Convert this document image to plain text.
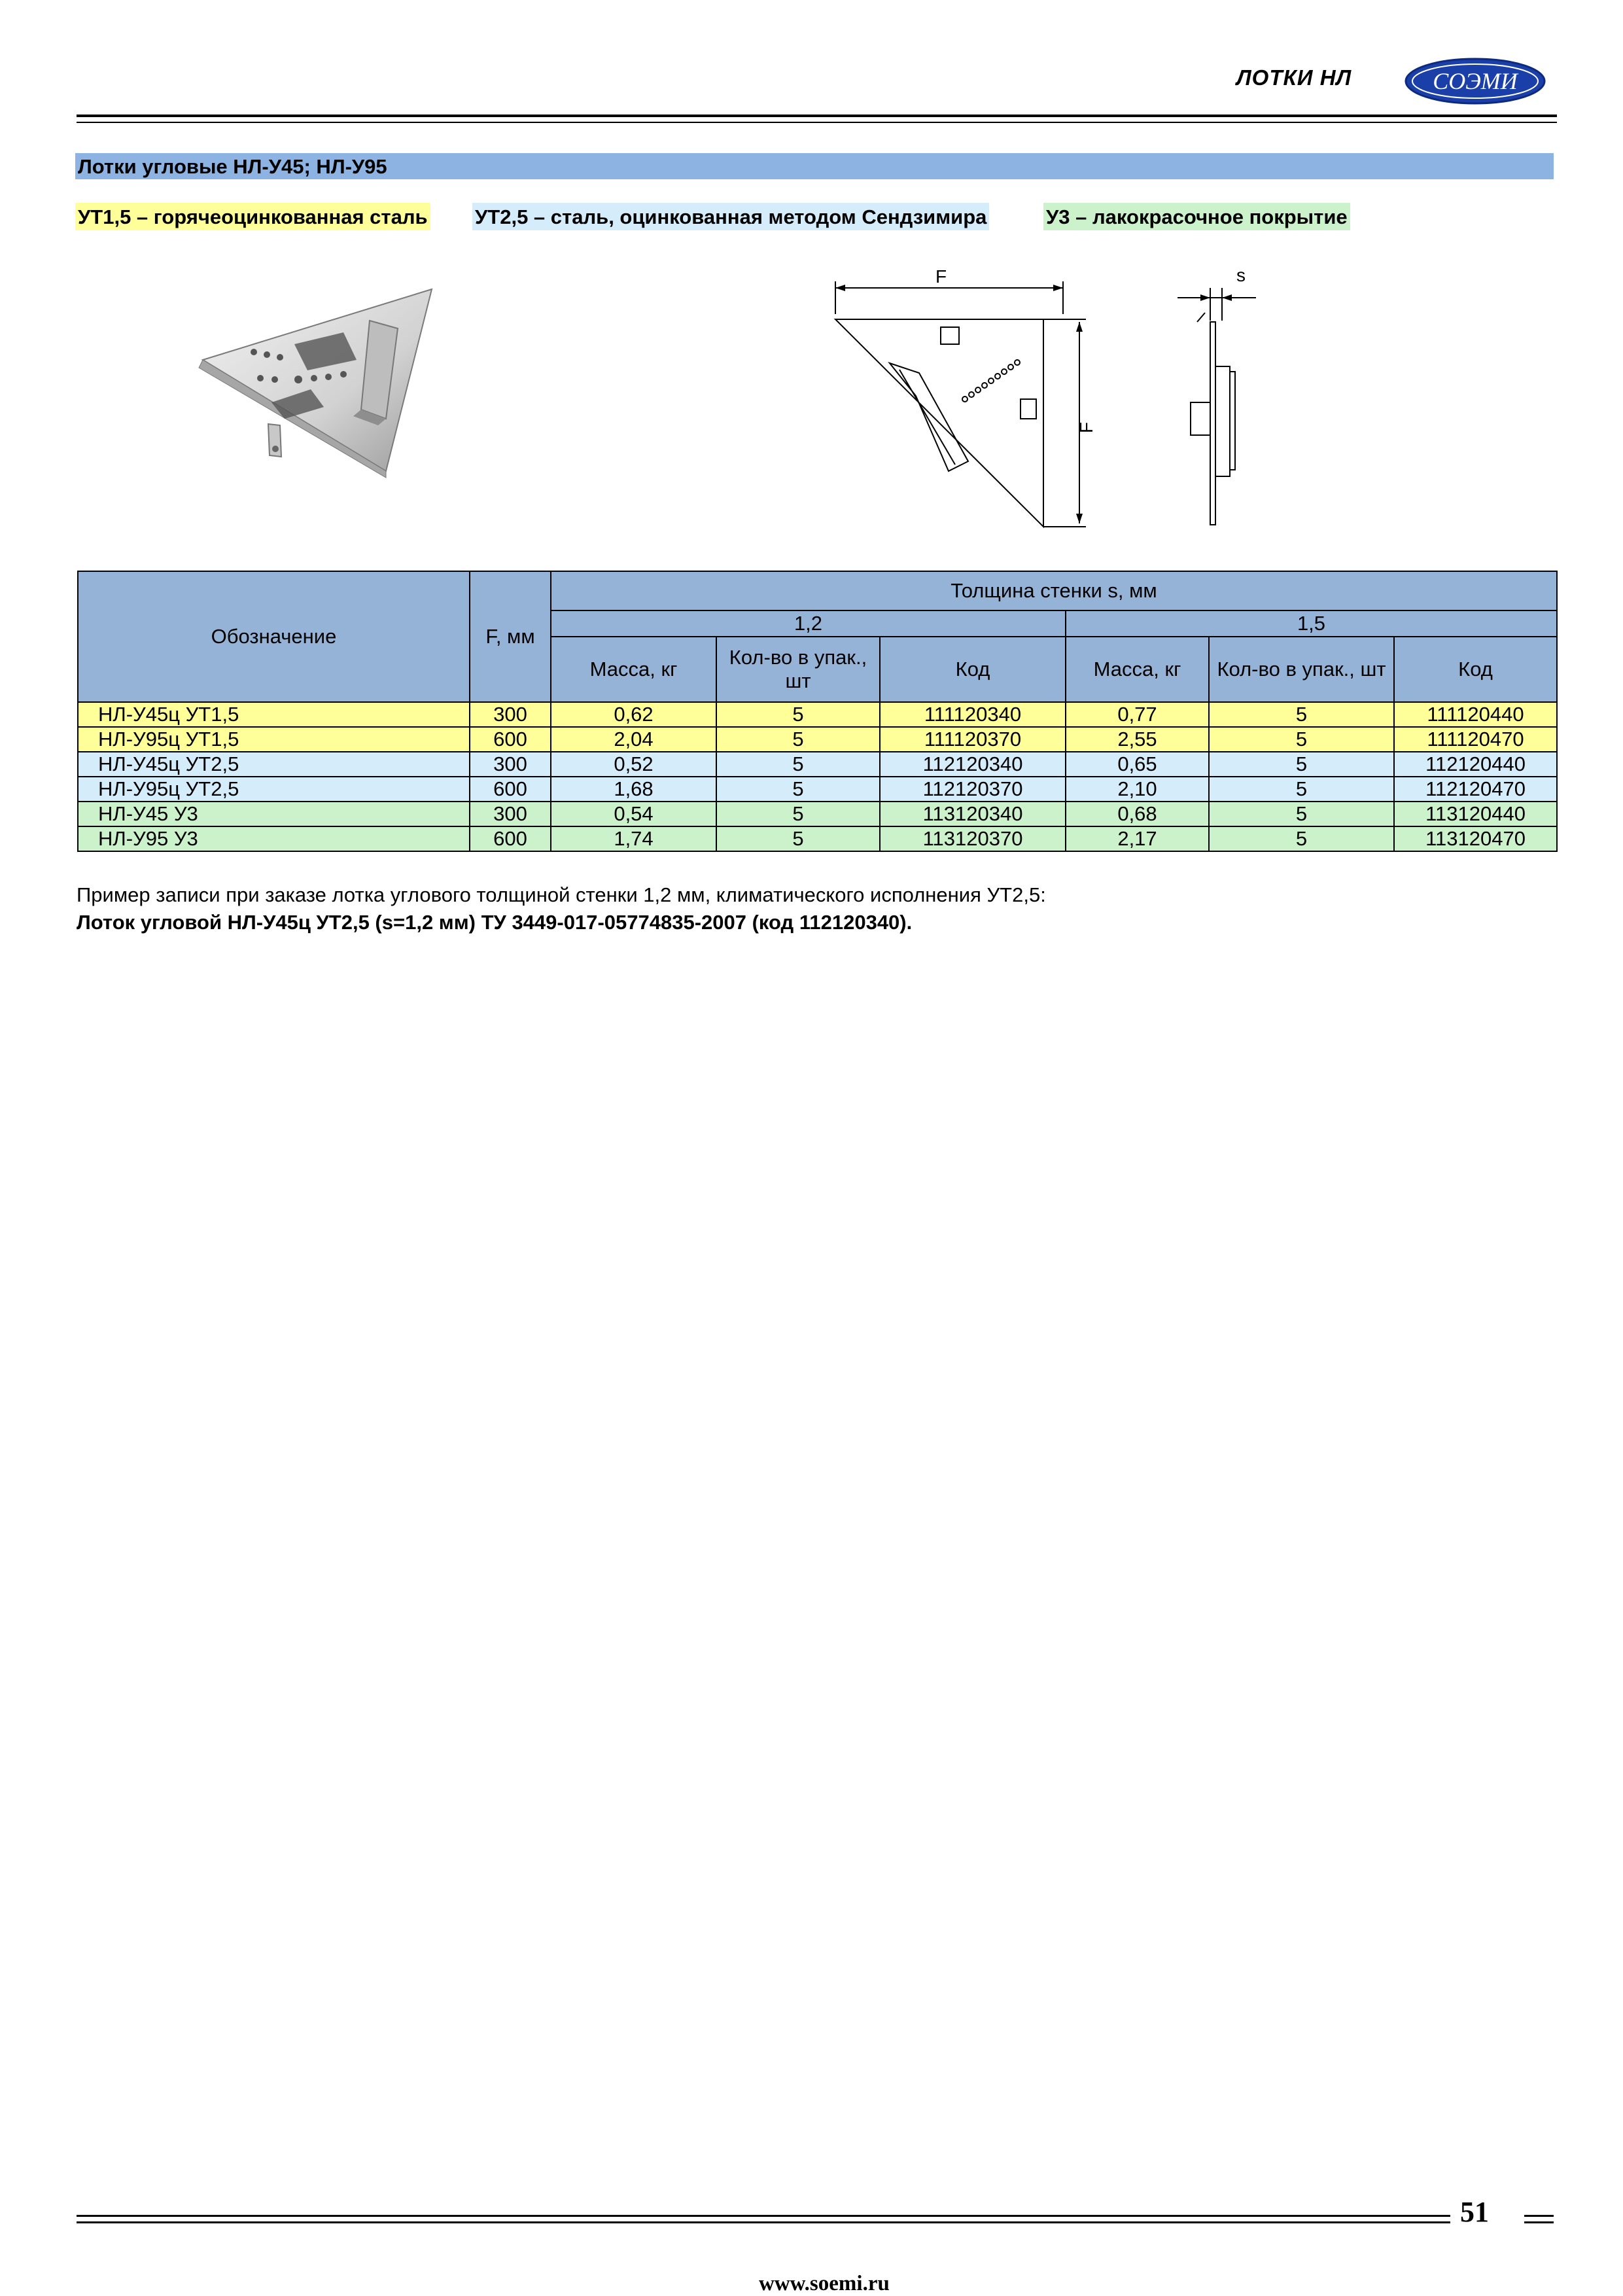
ЛОТКИ НЛ	СОЭМИ
Лотки угловые НЛ-У45; НЛ-У95
УТ1,5 – горячеоцинкованная сталь УТ2,5 – сталь, оцинкованная методом Сендзимира	У3 – лакокрасочное покрытие
F
F
s
Обозначение	F, мм	Толщина стенки s, мм					
		1,2			1,5		
		Масса, кг	Кол-во в упак., шт	Код	Масса, кг	Кол-во в упак., шт	Код
НЛ-У45ц УТ1,5	300	0,62	5	111120340	0,77	5	111120440
НЛ-У95ц УТ1,5	600	2,04	5	111120370	2,55	5	111120470
НЛ-У45ц УТ2,5	300	0,52	5	112120340	0,65	5	112120440
НЛ-У95ц УТ2,5	600	1,68	5	112120370	2,10	5	112120470
НЛ-У45 У3	300	0,54	5	113120340	0,68	5	113120440
НЛ-У95 У3	600	1,74	5	113120370	2,17	5	113120470
Пример записи при заказе лотка углового толщиной стенки 1,2 мм, климатического исполнения УТ2,5:
Лоток угловой НЛ-У45ц УТ2,5 (s=1,2 мм) ТУ 3449-017-05774835-2007 (код 112120340).
51
www.soemi.ru
